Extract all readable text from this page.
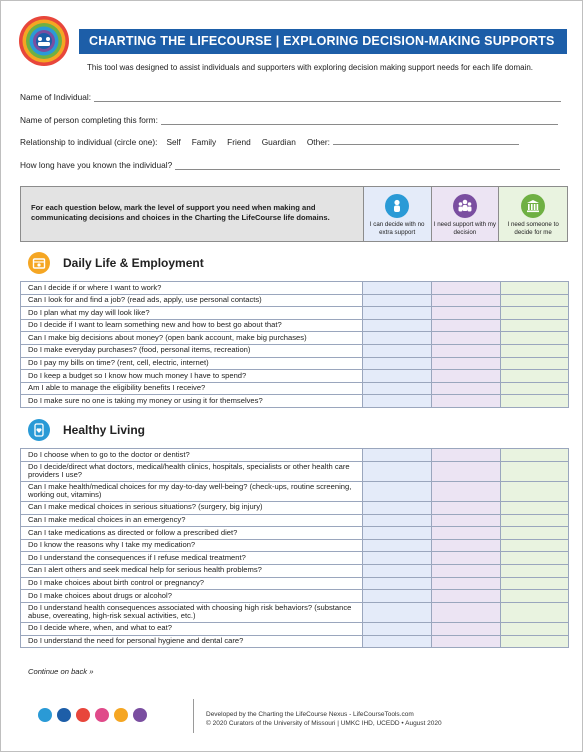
CHARTING THE LIFECOURSE | EXPLORING DECISION-MAKING SUPPORTS
This tool was designed to assist individuals and supporters with exploring decision making support needs for each life domain.
Name of Individual:
Name of person completing this form:
Relationship to individual (circle one): Self Family Friend Guardian Other:
How long have you known the individual?
For each question below, mark the level of support you need when making and communicating decisions and choices in the Charting the LifeCourse life domains.
I can decide with no extra support
I need support with my decision
I need someone to decide for me
Daily Life & Employment
Can I decide if or where I want to work?			
Can I look for and find a job? (read ads, apply, use personal contacts)			
Do I plan what my day will look like?			
Do I decide if I want to learn something new and how to best go about that?			
Can I make big decisions about money? (open bank account, make big purchases)			
Do I make everyday purchases? (food, personal items, recreation)			
Do I pay my bills on time? (rent, cell, electric, internet)			
Do I keep a budget so I know how much money I have to spend?			
Am I able to manage the eligibility benefits I receive?			
Do I make sure no one is taking my money or using it for themselves?			
Healthy Living
Do I choose when to go to the doctor or dentist?			
Do I decide/direct what doctors, medical/health clinics, hospitals, specialists or other health care providers I use?			
Can I make health/medical choices for my day-to-day well-being? (check-ups, routine screening, working out, vitamins)			
Can I make medical choices in serious situations? (surgery, big injury)			
Can I make medical choices in an emergency?			
Can I take medications as directed or follow a prescribed diet?			
Do I know the reasons why I take my medication?			
Do I understand the consequences if I refuse medical treatment?			
Can I alert others and seek medical help for serious health problems?			
Do I make choices about birth control or pregnancy?			
Do I make choices about drugs or alcohol?			
Do I understand health consequences associated with choosing high risk behaviors? (substance abuse, overeating, high-risk sexual activities, etc.)			
Do I decide where, when, and what to eat?			
Do I understand the need for personal hygiene and dental care?			
Continue on back »
Developed by the Charting the LifeCourse Nexus - LifeCourseTools.com
© 2020 Curators of the University of Missouri | UMKC IHD, UCEDD • August 2020
